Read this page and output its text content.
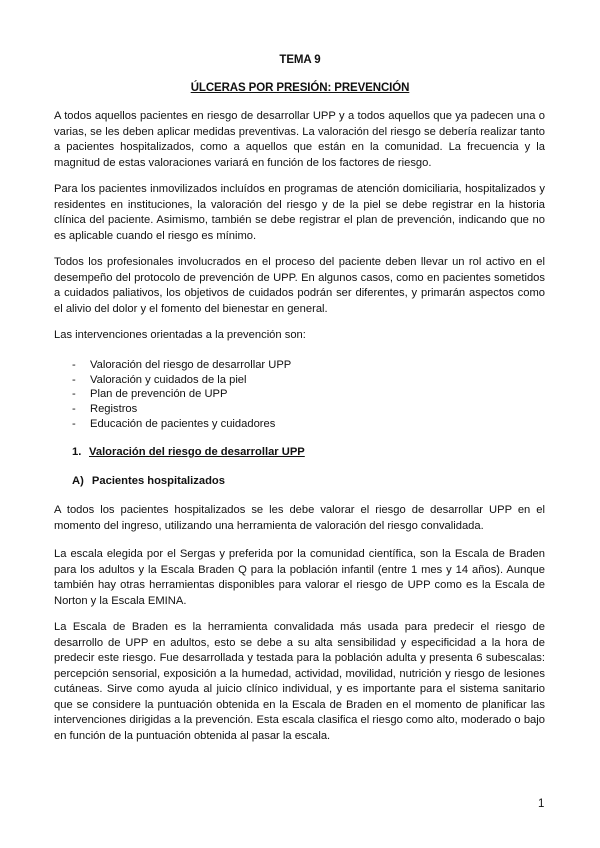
TEMA 9
ÚLCERAS POR PRESIÓN: PREVENCIÓN

A todos aquellos pacientes en riesgo de desarrollar UPP y a todos aquellos que ya padecen una o varias, se les deben aplicar medidas preventivas. La valoración del riesgo se debería realizar tanto a pacientes hospitalizados, como a aquellos que están en la comunidad. La frecuencia y la magnitud de estas valoraciones variará en función de los factores de riesgo.

Para los pacientes inmovilizados incluídos en programas de atención domiciliaria, hospitalizados y residentes en instituciones, la valoración del riesgo y de la piel se debe registrar en la historia clínica del paciente. Asimismo, también se debe registrar el plan de prevención, indicando que no es aplicable cuando el riesgo es mínimo.

Todos los profesionales involucrados en el proceso del paciente deben llevar un rol activo en el desempeño del protocolo de prevención de UPP. En algunos casos, como en pacientes sometidos a cuidados paliativos, los objetivos de cuidados podrán ser diferentes, y primarán aspectos como el alivio del dolor y el fomento del bienestar en general.

Las intervenciones orientadas a la prevención son:

- Valoración del riesgo de desarrollar UPP
- Valoración y cuidados de la piel
- Plan de prevención de UPP
- Registros
- Educación de pacientes y cuidadores
1. Valoración del riesgo de desarrollar UPP
A) Pacientes hospitalizados

A todos los pacientes hospitalizados se les debe valorar el riesgo de desarrollar UPP en el momento del ingreso, utilizando una herramienta de valoración del riesgo convalidada.

La escala elegida por el Sergas y preferida por la comunidad científica, son la Escala de Braden para los adultos y la Escala Braden Q para la población infantil (entre 1 mes y 14 años). Aunque también hay otras herramientas disponibles para valorar el riesgo de UPP como es la Escala de Norton y la Escala EMINA.

La Escala de Braden es la herramienta convalidada más usada para predecir el riesgo de desarrollo de UPP en adultos, esto se debe a su alta sensibilidad y especificidad a la hora de predecir este riesgo. Fue desarrollada y testada para la población adulta y presenta 6 subescalas: percepción sensorial, exposición a la humedad, actividad, movilidad, nutrición y riesgo de lesiones cutáneas. Sirve como ayuda al juicio clínico individual, y es importante para el sistema sanitario que se considere la puntuación obtenida en la Escala de Braden en el momento de planificar las intervenciones dirigidas a la prevención. Esta escala clasifica el riesgo como alto, moderado o bajo en función de la puntuación obtenida al pasar la escala.

1
